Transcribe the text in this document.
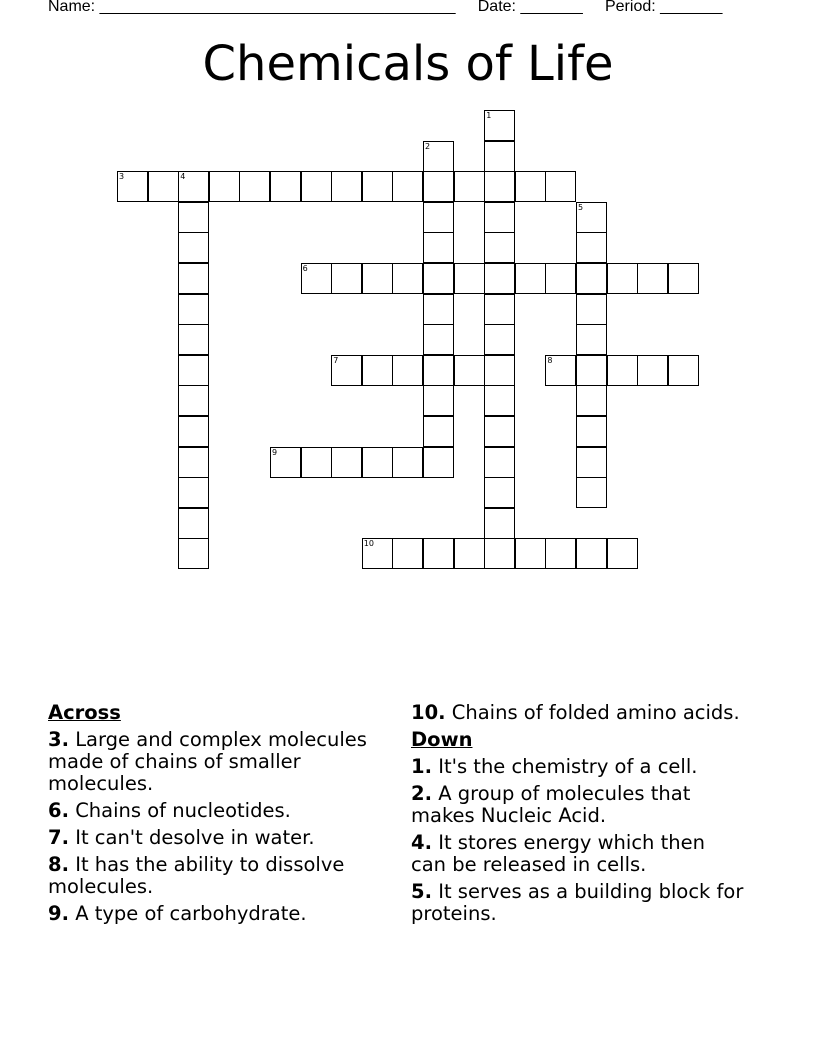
Name: ________________________________________ Date: _______ Period: _______
Chemicals of Life
1
2
3	4
5
6
7	8
9
10
Across
3. Large and complex molecules made of chains of smaller molecules.
6. Chains of nucleotides.
7. It can't desolve in water.
8. It has the ability to dissolve molecules.
9. A type of carbohydrate.
10. Chains of folded amino acids.
Down
1. It's the chemistry of a cell.
2. A group of molecules that makes Nucleic Acid.
4. It stores energy which then can be released in cells.
5. It serves as a building block for proteins.
